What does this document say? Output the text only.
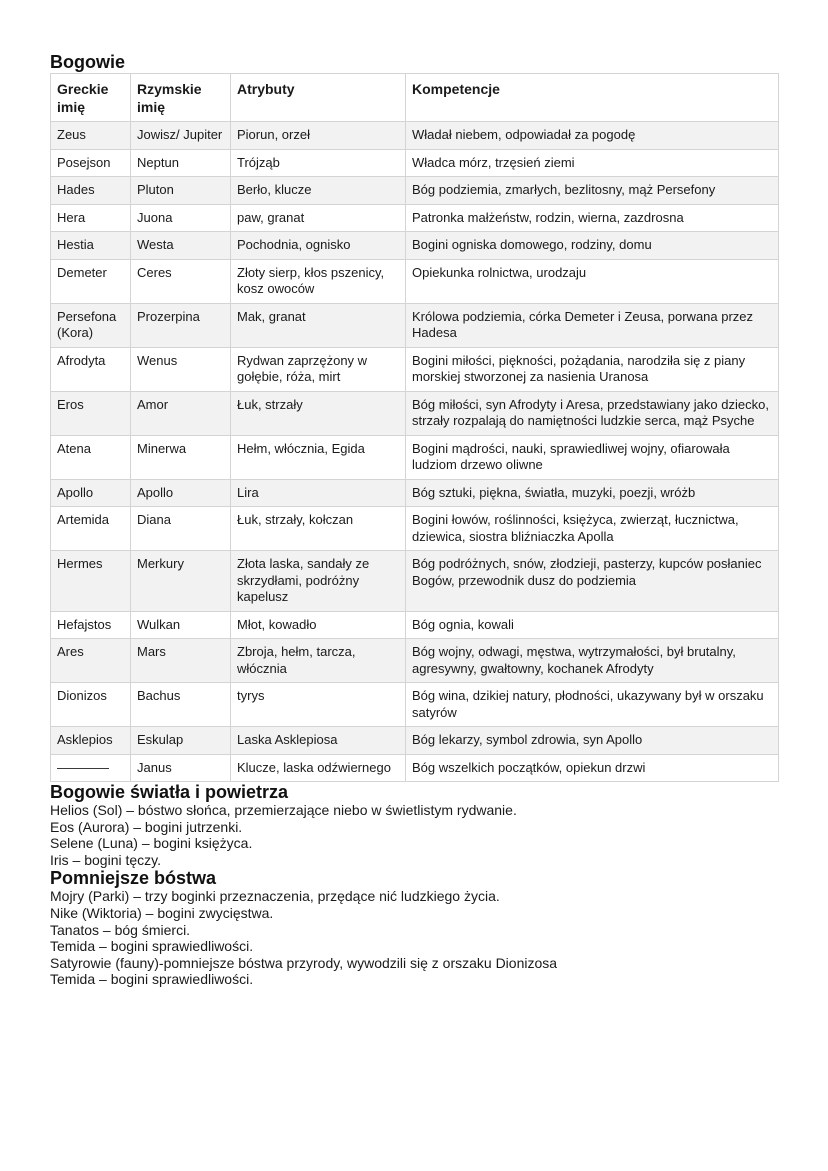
Bogowie
Greckie imię	Rzymskie imię	Atrybuty	Kompetencje
Zeus	Jowisz/ Jupiter	Piorun, orzeł	Władał niebem, odpowiadał za pogodę
Posejson	Neptun	Trójząb	Władca mórz, trzęsień ziemi
Hades	Pluton	Berło, klucze	Bóg podziemia, zmarłych, bezlitosny, mąż Persefony
Hera	Juona	paw, granat	Patronka małżeństw, rodzin, wierna, zazdrosna
Hestia	Westa	Pochodnia, ognisko	Bogini ogniska domowego, rodziny, domu
Demeter	Ceres	Złoty sierp, kłos pszenicy, kosz owoców	Opiekunka rolnictwa, urodzaju
Persefona (Kora)	Prozerpina	Mak, granat	Królowa podziemia, córka Demeter i Zeusa, porwana przez Hadesa
Afrodyta	Wenus	Rydwan zaprzężony w gołębie, róża, mirt	Bogini miłości, piękności, pożądania, narodziła się z piany morskiej stworzonej za nasienia Uranosa
Eros	Amor	Łuk, strzały	Bóg miłości, syn Afrodyty i Aresa, przedstawiany jako dziecko, strzały rozpalają do namiętności ludzkie serca, mąż Psyche
Atena	Minerwa	Hełm, włócznia, Egida	Bogini mądrości, nauki, sprawiedliwej wojny, ofiarowała ludziom drzewo oliwne
Apollo	Apollo	Lira	Bóg sztuki, piękna, światła, muzyki, poezji, wróżb
Artemida	Diana	Łuk, strzały, kołczan	Bogini łowów, roślinności, księżyca, zwierząt, łucznictwa, dziewica, siostra bliźniaczka Apolla
Hermes	Merkury	Złota laska, sandały ze skrzydłami, podróżny kapelusz	Bóg podróżnych, snów, złodzieji, pasterzy, kupców posłaniec Bogów, przewodnik dusz do podziemia
Hefajstos	Wulkan	Młot, kowadło	Bóg ognia, kowali
Ares	Mars	Zbroja, hełm, tarcza, włócznia	Bóg wojny, odwagi, męstwa, wytrzymałości, był brutalny, agresywny, gwałtowny, kochanek Afrodyty
Dionizos	Bachus	tyrys	Bóg wina, dzikiej natury, płodności, ukazywany był w orszaku satyrów
Asklepios	Eskulap	Laska Asklepiosa	Bóg lekarzy, symbol zdrowia, syn Apollo
————	Janus	Klucze, laska odźwiernego	Bóg wszelkich początków, opiekun drzwi
Bogowie światła i powietrza

Helios (Sol) – bóstwo słońca, przemierzające niebo w świetlistym rydwanie.

Eos (Aurora) – bogini jutrzenki.

Selene (Luna) – bogini księżyca.

Iris – bogini tęczy.

Pomniejsze bóstwa

Mojry (Parki) – trzy boginki przeznaczenia, przędące nić ludzkiego życia.

Nike (Wiktoria) – bogini zwycięstwa.

Tanatos – bóg śmierci.

Temida – bogini sprawiedliwości.

Satyrowie (fauny)-pomniejsze bóstwa przyrody, wywodzili się z orszaku Dionizosa

Temida – bogini sprawiedliwości.
